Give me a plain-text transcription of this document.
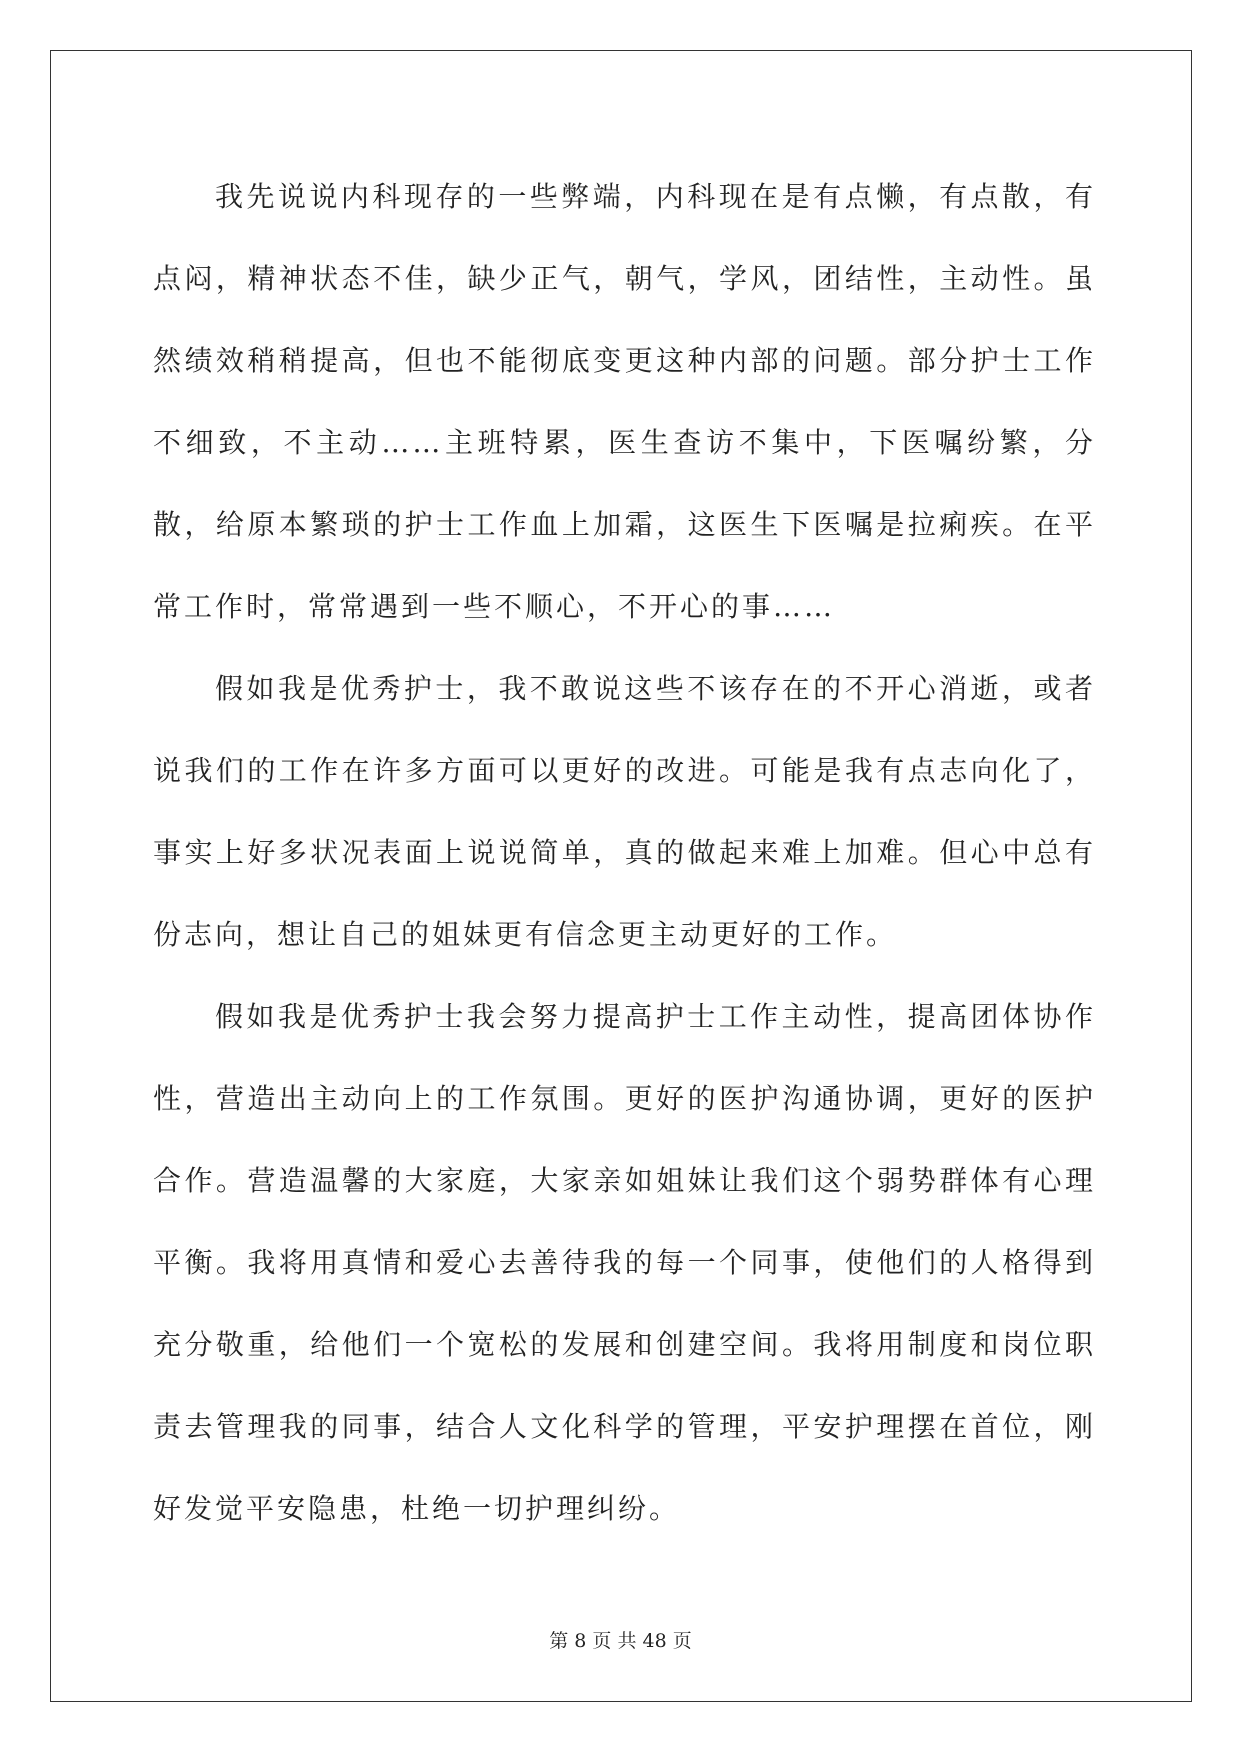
我先说说内科现存的一些弊端，内科现在是有点懒，有点散，有点闷，精神状态不佳，缺少正气，朝气，学风，团结性，主动性。虽然绩效稍稍提高，但也不能彻底变更这种内部的问题。部分护士工作不细致，不主动……主班特累，医生查访不集中，下医嘱纷繁，分散，给原本繁琐的护士工作血上加霜，这医生下医嘱是拉痢疾。在平常工作时，常常遇到一些不顺心，不开心的事……

假如我是优秀护士，我不敢说这些不该存在的不开心消逝，或者说我们的工作在许多方面可以更好的改进。可能是我有点志向化了，事实上好多状况表面上说说简单，真的做起来难上加难。但心中总有份志向，想让自己的姐妹更有信念更主动更好的工作。

假如我是优秀护士我会努力提高护士工作主动性，提高团体协作性，营造出主动向上的工作氛围。更好的医护沟通协调，更好的医护合作。营造温馨的大家庭，大家亲如姐妹让我们这个弱势群体有心理平衡。我将用真情和爱心去善待我的每一个同事，使他们的人格得到充分敬重，给他们一个宽松的发展和创建空间。我将用制度和岗位职责去管理我的同事，结合人文化科学的管理，平安护理摆在首位，刚好发觉平安隐患，杜绝一切护理纠纷。

第 8 页 共 48 页
